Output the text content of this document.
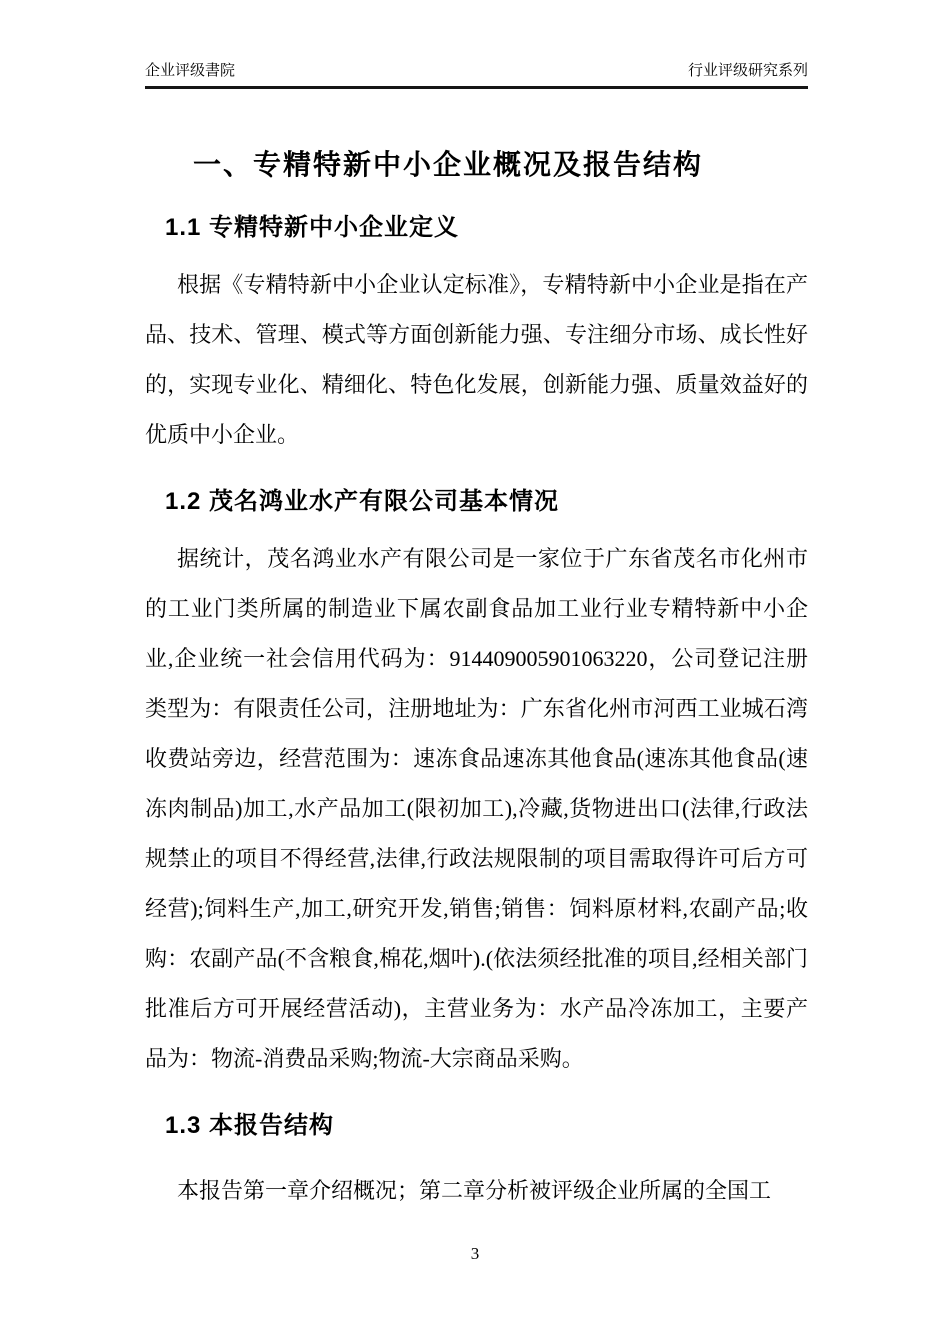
企业评级書院	行业评级研究系列
一、专精特新中小企业概况及报告结构
1.1 专精特新中小企业定义

根据《专精特新中小企业认定标准》，专精特新中小企业是指在产品、技术、管理、模式等方面创新能力强、专注细分市场、成长性好的，实现专业化、精细化、特色化发展，创新能力强、质量效益好的优质中小企业。

1.2 茂名鸿业水产有限公司基本情况

据统计，茂名鸿业水产有限公司是一家位于广东省茂名市化州市的工业门类所属的制造业下属农副食品加工业行业专精特新中小企业,企业统一社会信用代码为：914409005901063220，公司登记注册类型为：有限责任公司，注册地址为：广东省化州市河西工业城石湾收费站旁边，经营范围为：速冻食品速冻其他食品(速冻其他食品(速冻肉制品)加工,水产品加工(限初加工),冷藏,货物进出口(法律,行政法规禁止的项目不得经营,法律,行政法规限制的项目需取得许可后方可经营);饲料生产,加工,研究开发,销售;销售：饲料原材料,农副产品;收购：农副产品(不含粮食,棉花,烟叶).(依法须经批准的项目,经相关部门批准后方可开展经营活动)，主营业务为：水产品冷冻加工，主要产品为：物流-消费品采购;物流-大宗商品采购。

1.3 本报告结构

本报告第一章介绍概况；第二章分析被评级企业所属的全国工

3
